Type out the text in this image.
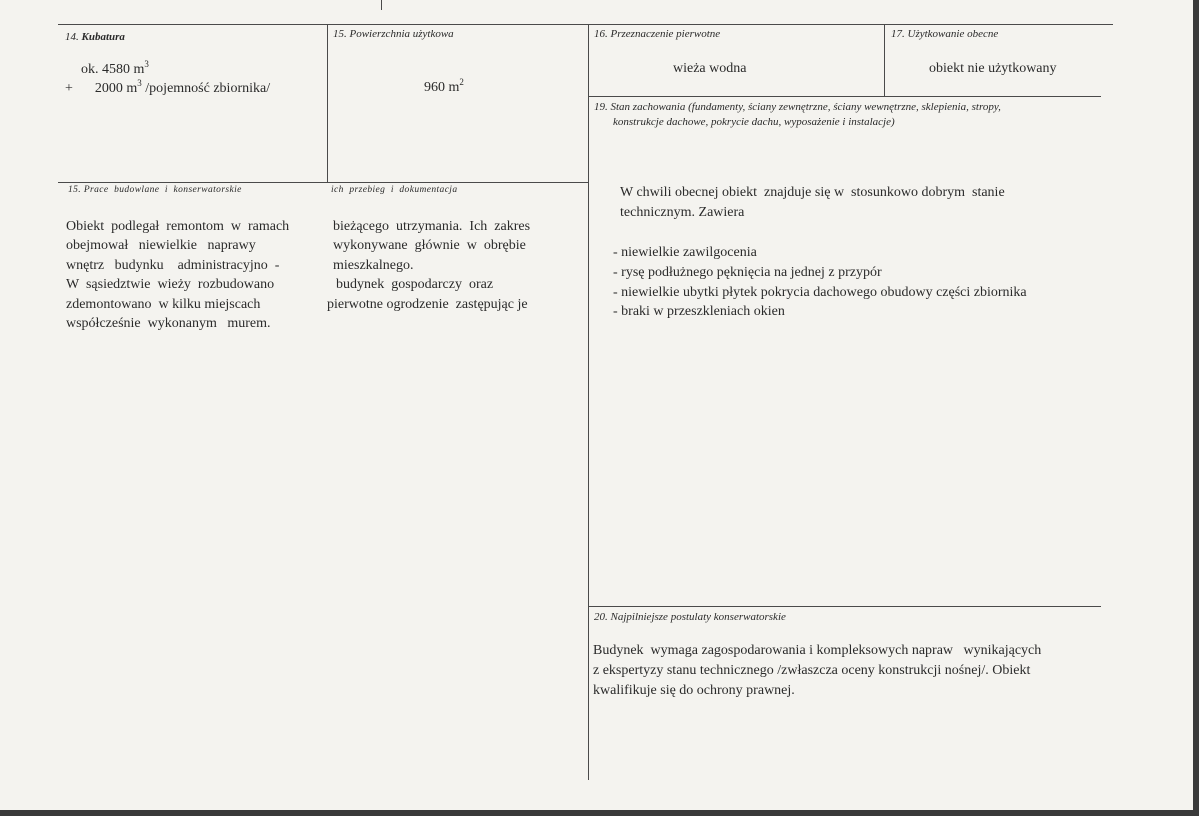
14. Kubatura
ok. 4580 $m^3$
+ 2000 $m^3$ /pojemność zbiornika/
15. Powierzchnia użytkowa
960 $m^2$
16. Przeznaczenie pierwotne
wieża wodna
17. Użytkowanie obecne
obiekt nie użytkowany
19. Stan zachowania (fundamenty, ściany zewnętrzne, ściany wewnętrzne, sklepienia, stropy,
konstrukcje dachowe, pokrycie dachu, wyposażenie i instalacje)
W chwili obecnej obiekt  znajduje się w  stosunkowo dobrym  stanie
technicznym. Zawiera
- niewielkie zawilgocenia
- rysę podłużnego pęknięcia na jednej z przypór
- niewielkie ubytki płytek pokrycia dachowego obudowy części zbiornika
- braki w przeszkleniach okien
15. Prace  budowlane  i  konserwatorskie	ich  przebieg  i  dokumentacja
Obiekt  podlegał  remontom  w  ramach
obejmował   niewielkie   naprawy
wnętrz   budynku    administracyjno  -
W  sąsiedztwie  wieży  rozbudowano
zdemontowano  w kilku miejscach
współcześnie  wykonanym   murem.
bieżącego  utrzymania.  Ich  zakres
wykonywane  głównie  w  obrębie
mieszkalnego.
budynek  gospodarczy  oraz
pierwotne ogrodzenie  zastępując je
20. Najpilniejsze postulaty konserwatorskie
Budynek  wymaga zagospodarowania i kompleksowych napraw   wynikających
z ekspertyzy stanu technicznego /zwłaszcza oceny konstrukcji nośnej/. Obiekt
kwalifikuje się do ochrony prawnej.
